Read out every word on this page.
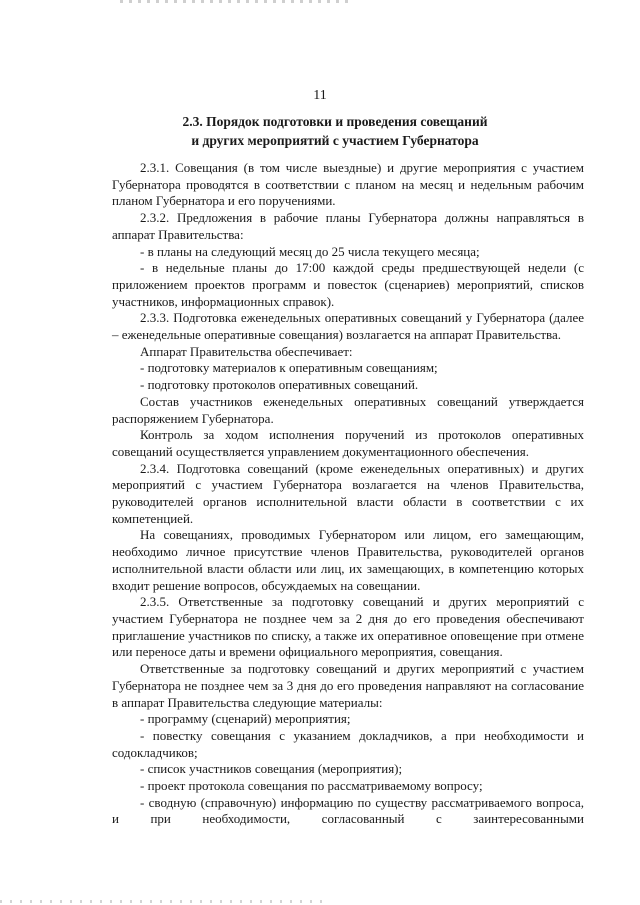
11
2.3. Порядок подготовки и проведения совещаний
и других мероприятий с участием Губернатора

2.3.1. Совещания (в том числе выездные) и другие мероприятия с участием Губернатора проводятся в соответствии с планом на месяц и недельным рабочим планом Губернатора и его поручениями.

2.3.2. Предложения в рабочие планы Губернатора должны направляться в аппарат Правительства:

- в планы на следующий месяц до 25 числа текущего месяца;

- в недельные планы до 17:00 каждой среды предшествующей недели (с приложением проектов программ и повесток (сценариев) мероприятий, списков участников, информационных справок).

2.3.3. Подготовка еженедельных оперативных совещаний у Губернатора (далее – еженедельные оперативные совещания) возлагается на аппарат Правительства.

Аппарат Правительства обеспечивает:

- подготовку материалов к оперативным совещаниям;

- подготовку протоколов оперативных совещаний.

Состав участников еженедельных оперативных совещаний утверждается распоряжением Губернатора.

Контроль за ходом исполнения поручений из протоколов оперативных совещаний осуществляется управлением документационного обеспечения.

2.3.4. Подготовка совещаний (кроме еженедельных оперативных) и других мероприятий с участием Губернатора возлагается на членов Правительства, руководителей органов исполнительной власти области в соответствии с их компетенцией.

На совещаниях, проводимых Губернатором или лицом, его замещающим, необходимо личное присутствие членов Правительства, руководителей органов исполнительной власти области или лиц, их замещающих, в компетенцию которых входит решение вопросов, обсуждаемых на совещании.

2.3.5. Ответственные за подготовку совещаний и других мероприятий с участием Губернатора не позднее чем за 2 дня до его проведения обеспечивают приглашение участников по списку, а также их оперативное оповещение при отмене или переносе даты и времени официального мероприятия, совещания.

Ответственные за подготовку совещаний и других мероприятий с участием Губернатора не позднее чем за 3 дня до его проведения направляют на согласование в аппарат Правительства следующие материалы:

- программу (сценарий) мероприятия;

- повестку совещания с указанием докладчиков, а при необходимости и содокладчиков;

- список участников совещания (мероприятия);

- проект протокола совещания по рассматриваемому вопросу;

- сводную (справочную) информацию по существу рассматриваемого вопроса, и при необходимости, согласованный с заинтересованными
